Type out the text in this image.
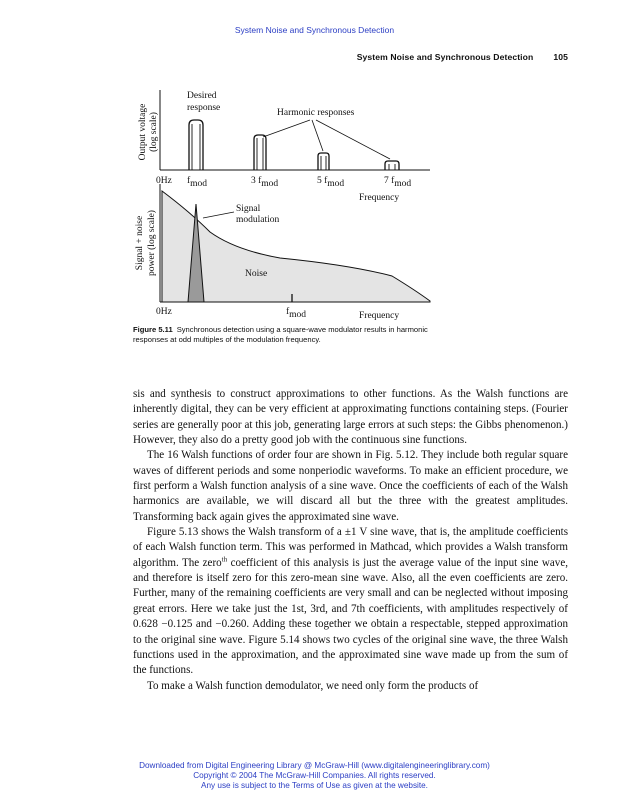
System Noise and Synchronous Detection
System Noise and Synchronous Detection 105
Output voltage (log scale)
Desired
response	Harmonic responses
0Hz fmod	3 fmod	5 fmod	7 fmod
Frequency
Signal + noise power (log scale)
Signal
modulation
Noise
0Hz	fmod	Frequency
Figure 5.11 Synchronous detection using a square-wave modulator results in harmonic responses at odd multiples of the modulation frequency.

sis and synthesis to construct approximations to other functions. As the Walsh functions are inherently digital, they can be very efficient at approximating functions containing steps. (Fourier series are generally poor at this job, generating large errors at such steps: the Gibbs phenomenon.) However, they also do a pretty good job with the continuous sine functions.

The 16 Walsh functions of order four are shown in Fig. 5.12. They include both regular square waves of different periods and some nonperiodic waveforms. To make an efficient procedure, we first perform a Walsh function analysis of a sine wave. Once the coefficients of each of the Walsh harmonics are available, we will discard all but the three with the greatest amplitudes. Transforming back again gives the approximated sine wave.

Figure 5.13 shows the Walsh transform of a ±1 V sine wave, that is, the amplitude coefficients of each Walsh function term. This was performed in Mathcad, which provides a Walsh transform algorithm. The zero$^{th}$ coefficient of this analysis is just the average value of the input sine wave, and therefore is itself zero for this zero-mean sine wave. Also, all the even coefficients are zero. Further, many of the remaining coefficients are very small and can be neglected without imposing great errors. Here we take just the 1st, 3rd, and 7th coefficients, with amplitudes respectively of 0.628 −0.125 and −0.260. Adding these together we obtain a respectable, stepped approximation to the original sine wave. Figure 5.14 shows two cycles of the original sine wave, the three Walsh functions used in the approximation, and the approximated sine wave made up from the sum of the functions.

To make a Walsh function demodulator, we need only form the products of

Downloaded from Digital Engineering Library @ McGraw-Hill (www.digitalengineeringlibrary.com)
Copyright © 2004 The McGraw-Hill Companies. All rights reserved.
Any use is subject to the Terms of Use as given at the website.
